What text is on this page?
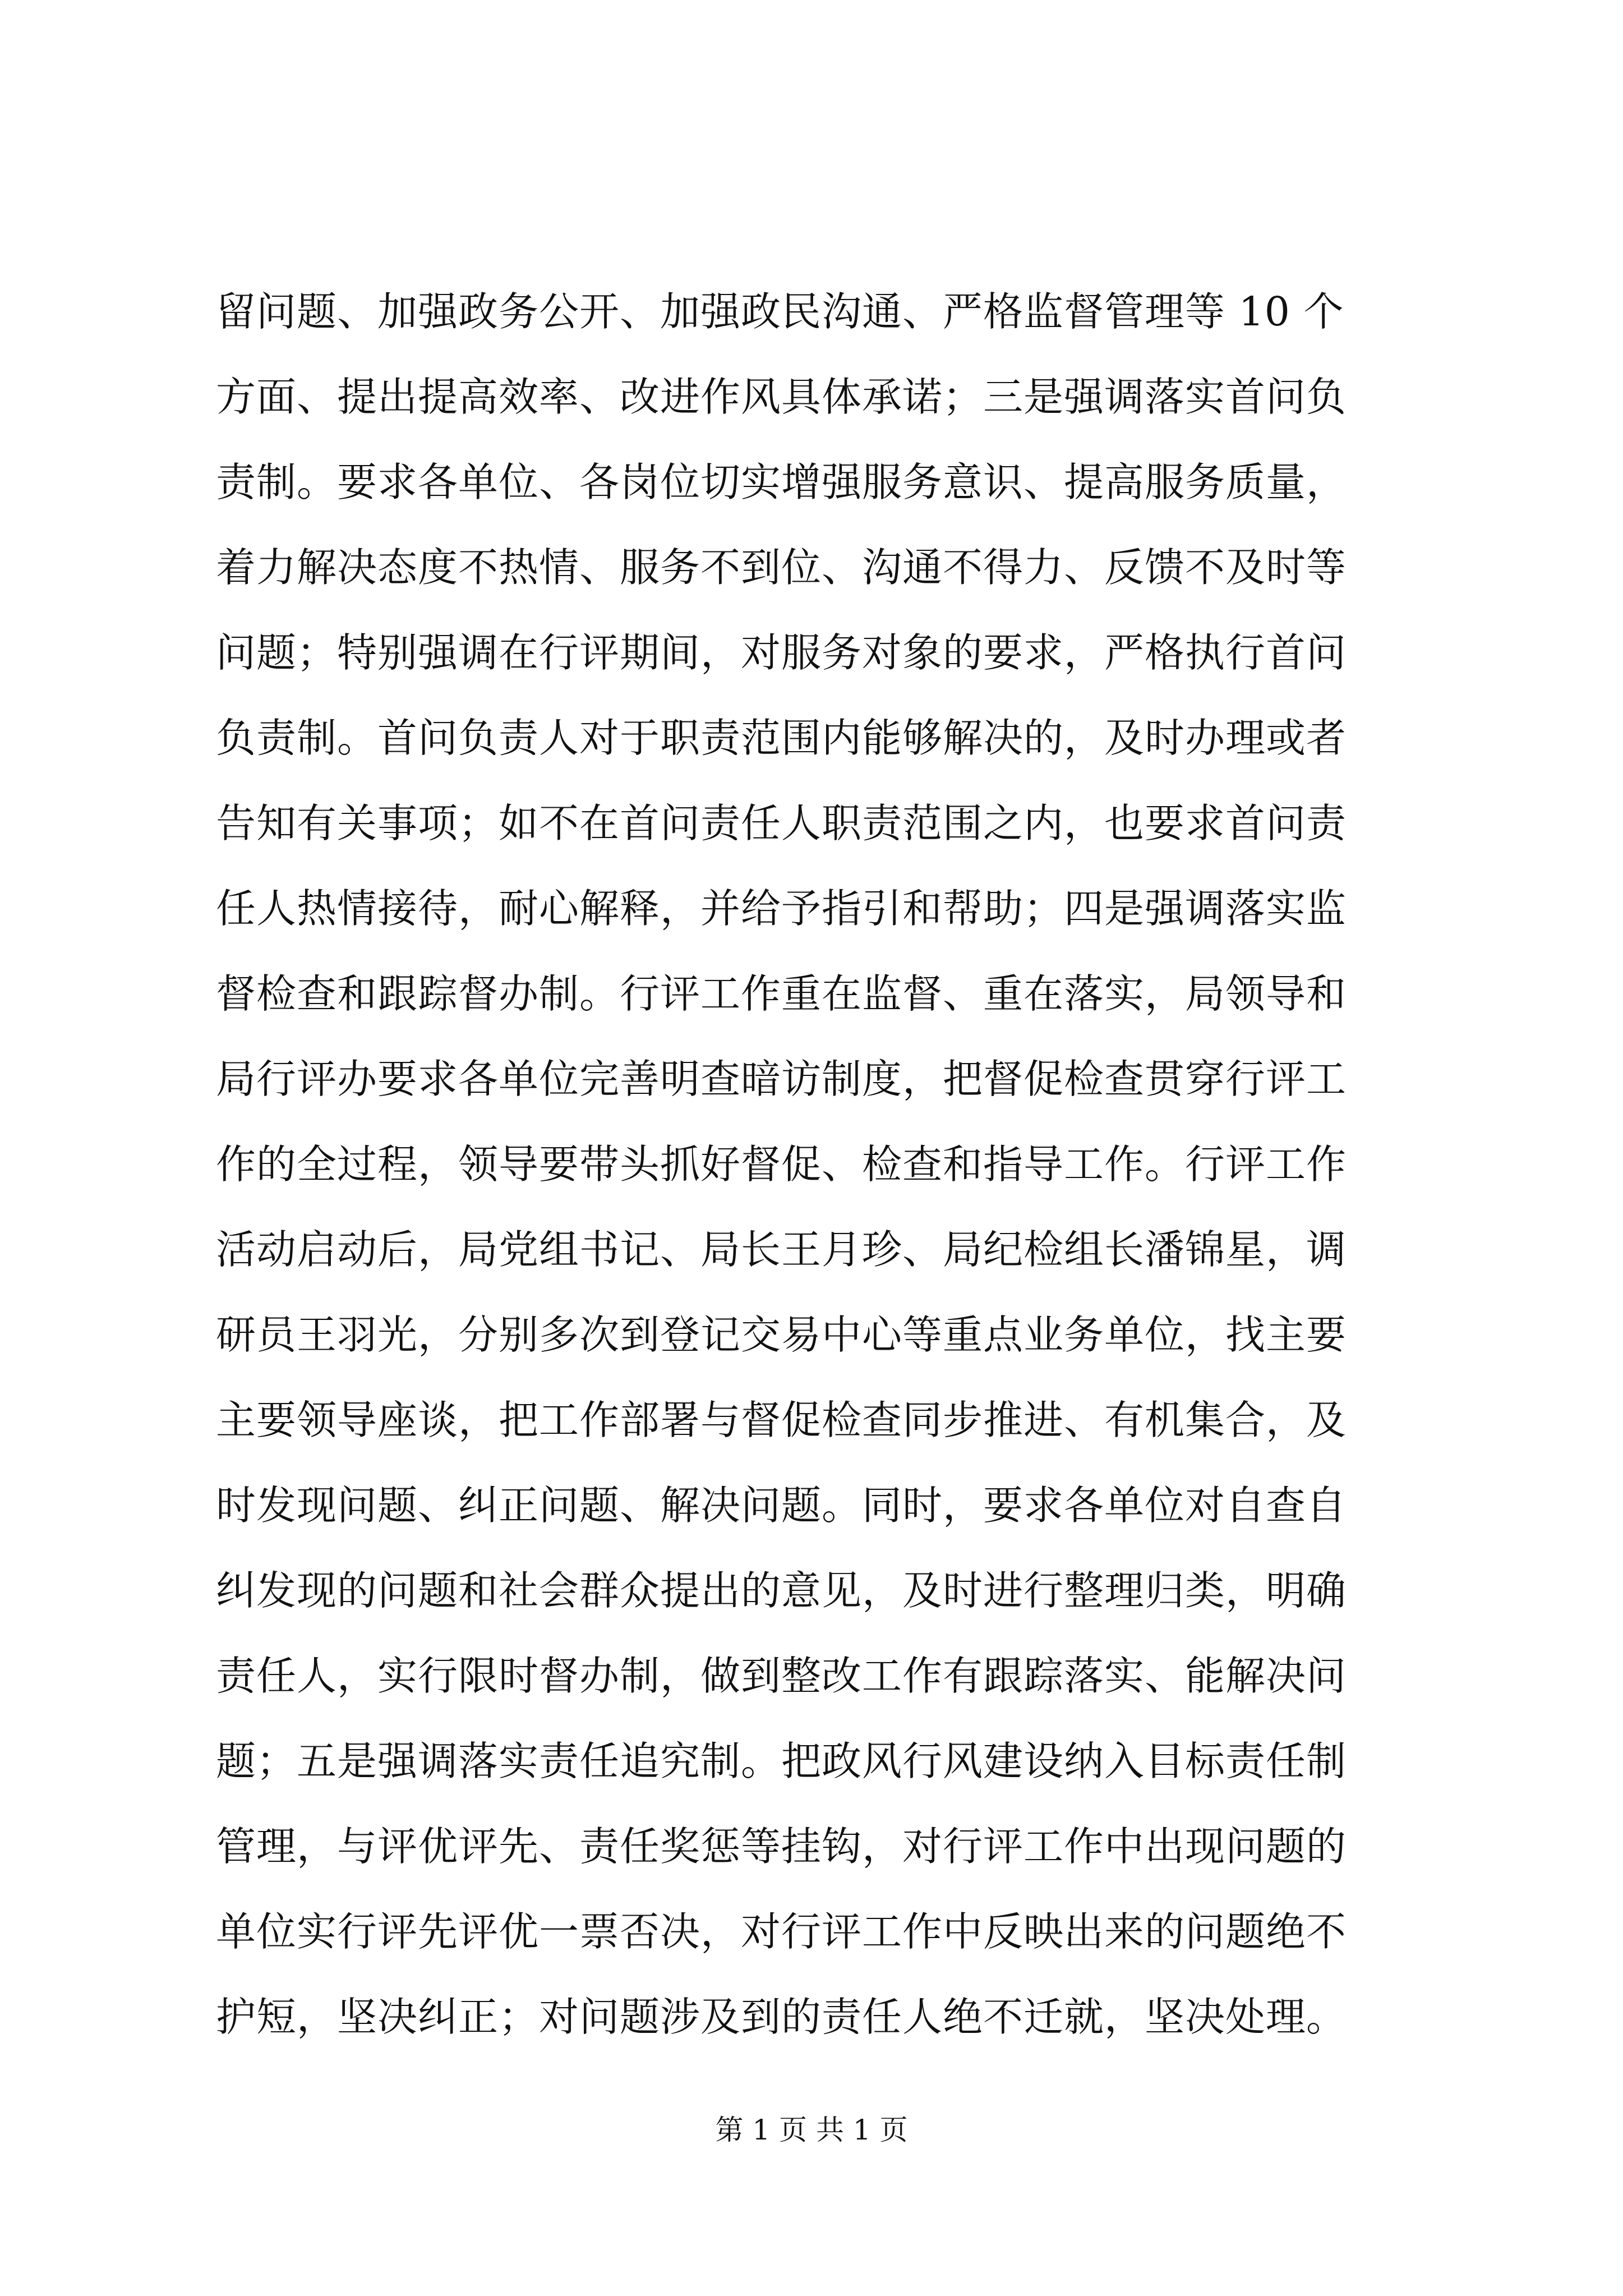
留问题、加强政务公开、加强政民沟通、严格监督管理等 10 个
方面、提出提高效率、改进作风具体承诺；三是强调落实首问负
责制。要求各单位、各岗位切实增强服务意识、提高服务质量，
着力解决态度不热情、服务不到位、沟通不得力、反馈不及时等
问题；特别强调在行评期间，对服务对象的要求，严格执行首问
负责制。首问负责人对于职责范围内能够解决的，及时办理或者
告知有关事项；如不在首问责任人职责范围之内，也要求首问责
任人热情接待，耐心解释，并给予指引和帮助；四是强调落实监
督检查和跟踪督办制。行评工作重在监督、重在落实，局领导和
局行评办要求各单位完善明查暗访制度，把督促检查贯穿行评工
作的全过程，领导要带头抓好督促、检查和指导工作。行评工作
活动启动后，局党组书记、局长王月珍、局纪检组长潘锦星，调
研员王羽光，分别多次到登记交易中心等重点业务单位，找主要
主要领导座谈，把工作部署与督促检查同步推进、有机集合，及
时发现问题、纠正问题、解决问题。同时，要求各单位对自查自
纠发现的问题和社会群众提出的意见，及时进行整理归类，明确
责任人，实行限时督办制，做到整改工作有跟踪落实、能解决问
题；五是强调落实责任追究制。把政风行风建设纳入目标责任制
管理，与评优评先、责任奖惩等挂钩，对行评工作中出现问题的
单位实行评先评优一票否决，对行评工作中反映出来的问题绝不
护短，坚决纠正；对问题涉及到的责任人绝不迁就，坚决处理。
第 1 页 共 1 页
